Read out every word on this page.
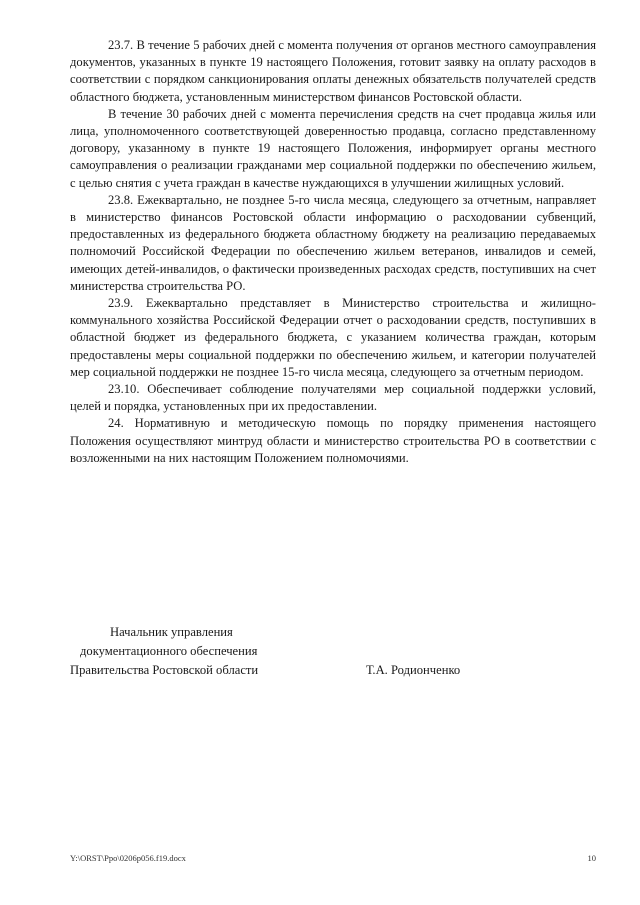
23.7. В течение 5 рабочих дней с момента получения от органов местного самоуправления документов, указанных в пункте 19 настоящего Положения, готовит заявку на оплату расходов в соответствии с порядком санкционирования оплаты денежных обязательств получателей средств областного бюджета, установленным министерством финансов Ростовской области.

В течение 30 рабочих дней с момента перечисления средств на счет продавца жилья или лица, уполномоченного соответствующей доверенностью продавца, согласно представленному договору, указанному в пункте 19 настоящего Положения, информирует органы местного самоуправления о реализации гражданами мер социальной поддержки по обеспечению жильем, с целью снятия с учета граждан в качестве нуждающихся в улучшении жилищных условий.

23.8. Ежеквартально, не позднее 5-го числа месяца, следующего за отчетным, направляет в министерство финансов Ростовской области информацию о расходовании субвенций, предоставленных из федерального бюджета областному бюджету на реализацию передаваемых полномочий Российской Федерации по обеспечению жильем ветеранов, инвалидов и семей, имеющих детей-инвалидов, о фактически произведенных расходах средств, поступивших на счет министерства строительства РО.

23.9. Ежеквартально представляет в Министерство строительства и жилищно-коммунального хозяйства Российской Федерации отчет о расходовании средств, поступивших в областной бюджет из федерального бюджета, с указанием количества граждан, которым предоставлены меры социальной поддержки по обеспечению жильем, и категории получателей мер социальной поддержки не позднее 15-го числа месяца, следующего за отчетным периодом.

23.10. Обеспечивает соблюдение получателями мер социальной поддержки условий, целей и порядка, установленных при их предоставлении.

24. Нормативную и методическую помощь по порядку применения настоящего Положения осуществляют минтруд области и министерство строительства РО в соответствии с возложенными на них настоящим Положением полномочиями.

Начальник управления
документационного обеспечения
Правительства Ростовской области	Т.А. Родионченко
Y:\ORST\Ppo\0206p056.f19.docx	10
